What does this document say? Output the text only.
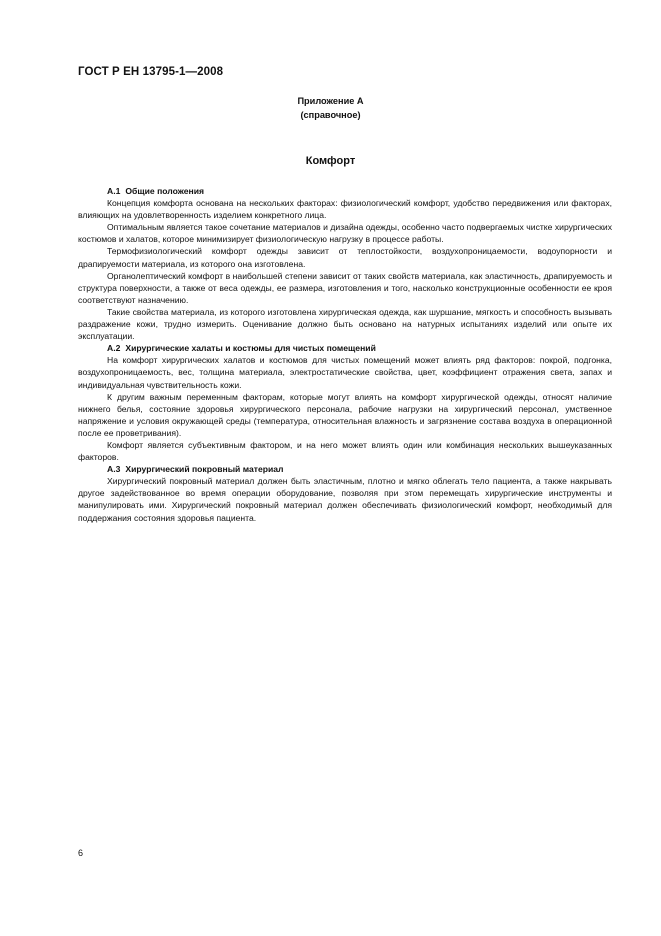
ГОСТ Р ЕН 13795-1—2008
Приложение А
(справочное)
Комфорт
А.1 Общие положения

Концепция комфорта основана на нескольких факторах: физиологический комфорт, удобство передвижения или факторах, влияющих на удовлетворенность изделием конкретного лица.

Оптимальным является такое сочетание материалов и дизайна одежды, особенно часто подвергаемых чистке хирургических костюмов и халатов, которое минимизирует физиологическую нагрузку в процессе работы.

Термофизиологический комфорт одежды зависит от теплостойкости, воздухопроницаемости, водоупорности и драпируемости материала, из которого она изготовлена.

Органолептический комфорт в наибольшей степени зависит от таких свойств материала, как эластичность, драпируемость и структура поверхности, а также от веса одежды, ее размера, изготовления и того, насколько конструкционные особенности ее кроя соответствуют назначению.

Такие свойства материала, из которого изготовлена хирургическая одежда, как шуршание, мягкость и способность вызывать раздражение кожи, трудно измерить. Оценивание должно быть основано на натурных испытаниях изделий или опыте их эксплуатации.

А.2 Хирургические халаты и костюмы для чистых помещений

На комфорт хирургических халатов и костюмов для чистых помещений может влиять ряд факторов: покрой, подгонка, воздухопроницаемость, вес, толщина материала, электростатические свойства, цвет, коэффициент отражения света, запах и индивидуальная чувствительность кожи.

К другим важным переменным факторам, которые могут влиять на комфорт хирургической одежды, относят наличие нижнего белья, состояние здоровья хирургического персонала, рабочие нагрузки на хирургический персонал, умственное напряжение и условия окружающей среды (температура, относительная влажность и загрязнение состава воздуха в операционной после ее проветривания).

Комфорт является субъективным фактором, и на него может влиять один или комбинация нескольких вышеуказанных факторов.

А.3 Хирургический покровный материал

Хирургический покровный материал должен быть эластичным, плотно и мягко облегать тело пациента, а также накрывать другое задействованное во время операции оборудование, позволяя при этом перемещать хирургические инструменты и манипулировать ими. Хирургический покровный материал должен обеспечивать физиологический комфорт, необходимый для поддержания состояния здоровья пациента.

6
